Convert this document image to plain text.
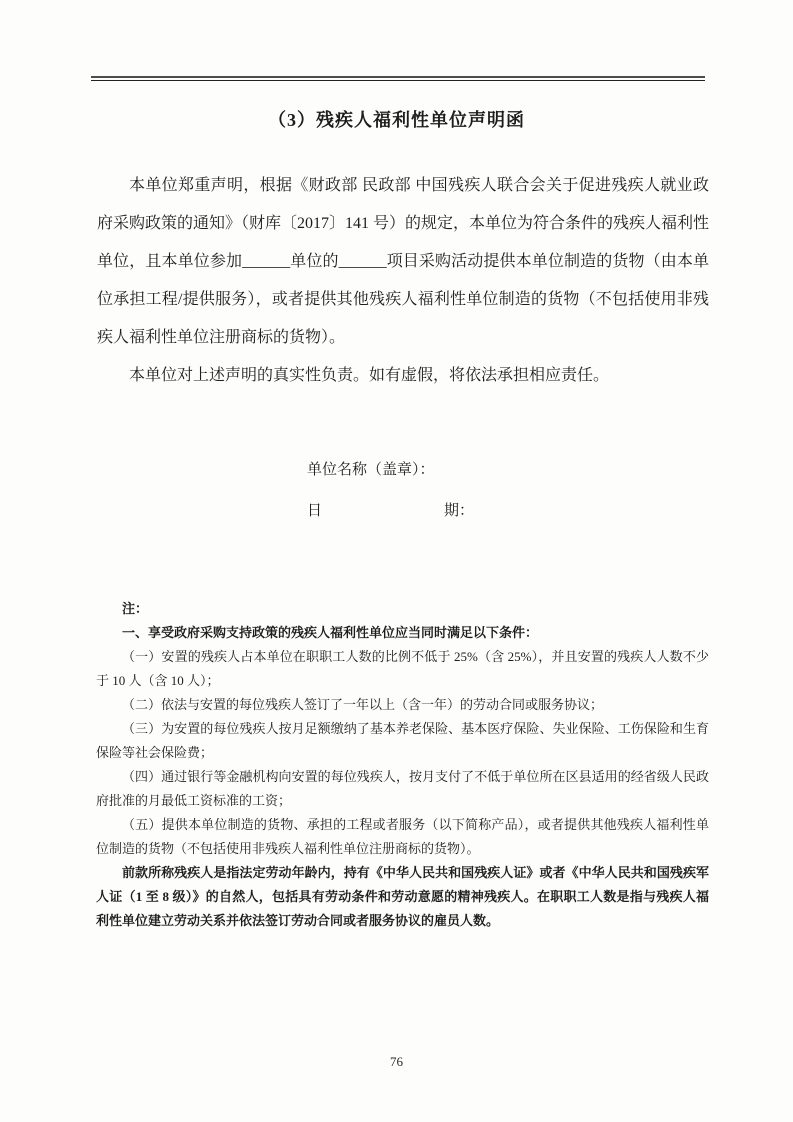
（3）残疾人福利性单位声明函

本单位郑重声明，根据《财政部 民政部 中国残疾人联合会关于促进残疾人就业政府采购政策的通知》（财库〔2017〕141 号）的规定，本单位为符合条件的残疾人福利性单位，且本单位参加______单位的______项目采购活动提供本单位制造的货物（由本单位承担工程/提供服务），或者提供其他残疾人福利性单位制造的货物（不包括使用非残疾人福利性单位注册商标的货物）。

本单位对上述声明的真实性负责。如有虚假，将依法承担相应责任。

单位名称（盖章）：
日	期：

注：

一、享受政府采购支持政策的残疾人福利性单位应当同时满足以下条件：

（一）安置的残疾人占本单位在职职工人数的比例不低于 25%（含 25%），并且安置的残疾人人数不少于 10 人（含 10 人）；

（二）依法与安置的每位残疾人签订了一年以上（含一年）的劳动合同或服务协议；

（三）为安置的每位残疾人按月足额缴纳了基本养老保险、基本医疗保险、失业保险、工伤保险和生育保险等社会保险费；

（四）通过银行等金融机构向安置的每位残疾人，按月支付了不低于单位所在区县适用的经省级人民政府批准的月最低工资标准的工资；

（五）提供本单位制造的货物、承担的工程或者服务（以下简称产品），或者提供其他残疾人福利性单位制造的货物（不包括使用非残疾人福利性单位注册商标的货物）。

前款所称残疾人是指法定劳动年龄内，持有《中华人民共和国残疾人证》或者《中华人民共和国残疾军人证（1 至 8 级）》的自然人，包括具有劳动条件和劳动意愿的精神残疾人。在职职工人数是指与残疾人福利性单位建立劳动关系并依法签订劳动合同或者服务协议的雇员人数。

76
